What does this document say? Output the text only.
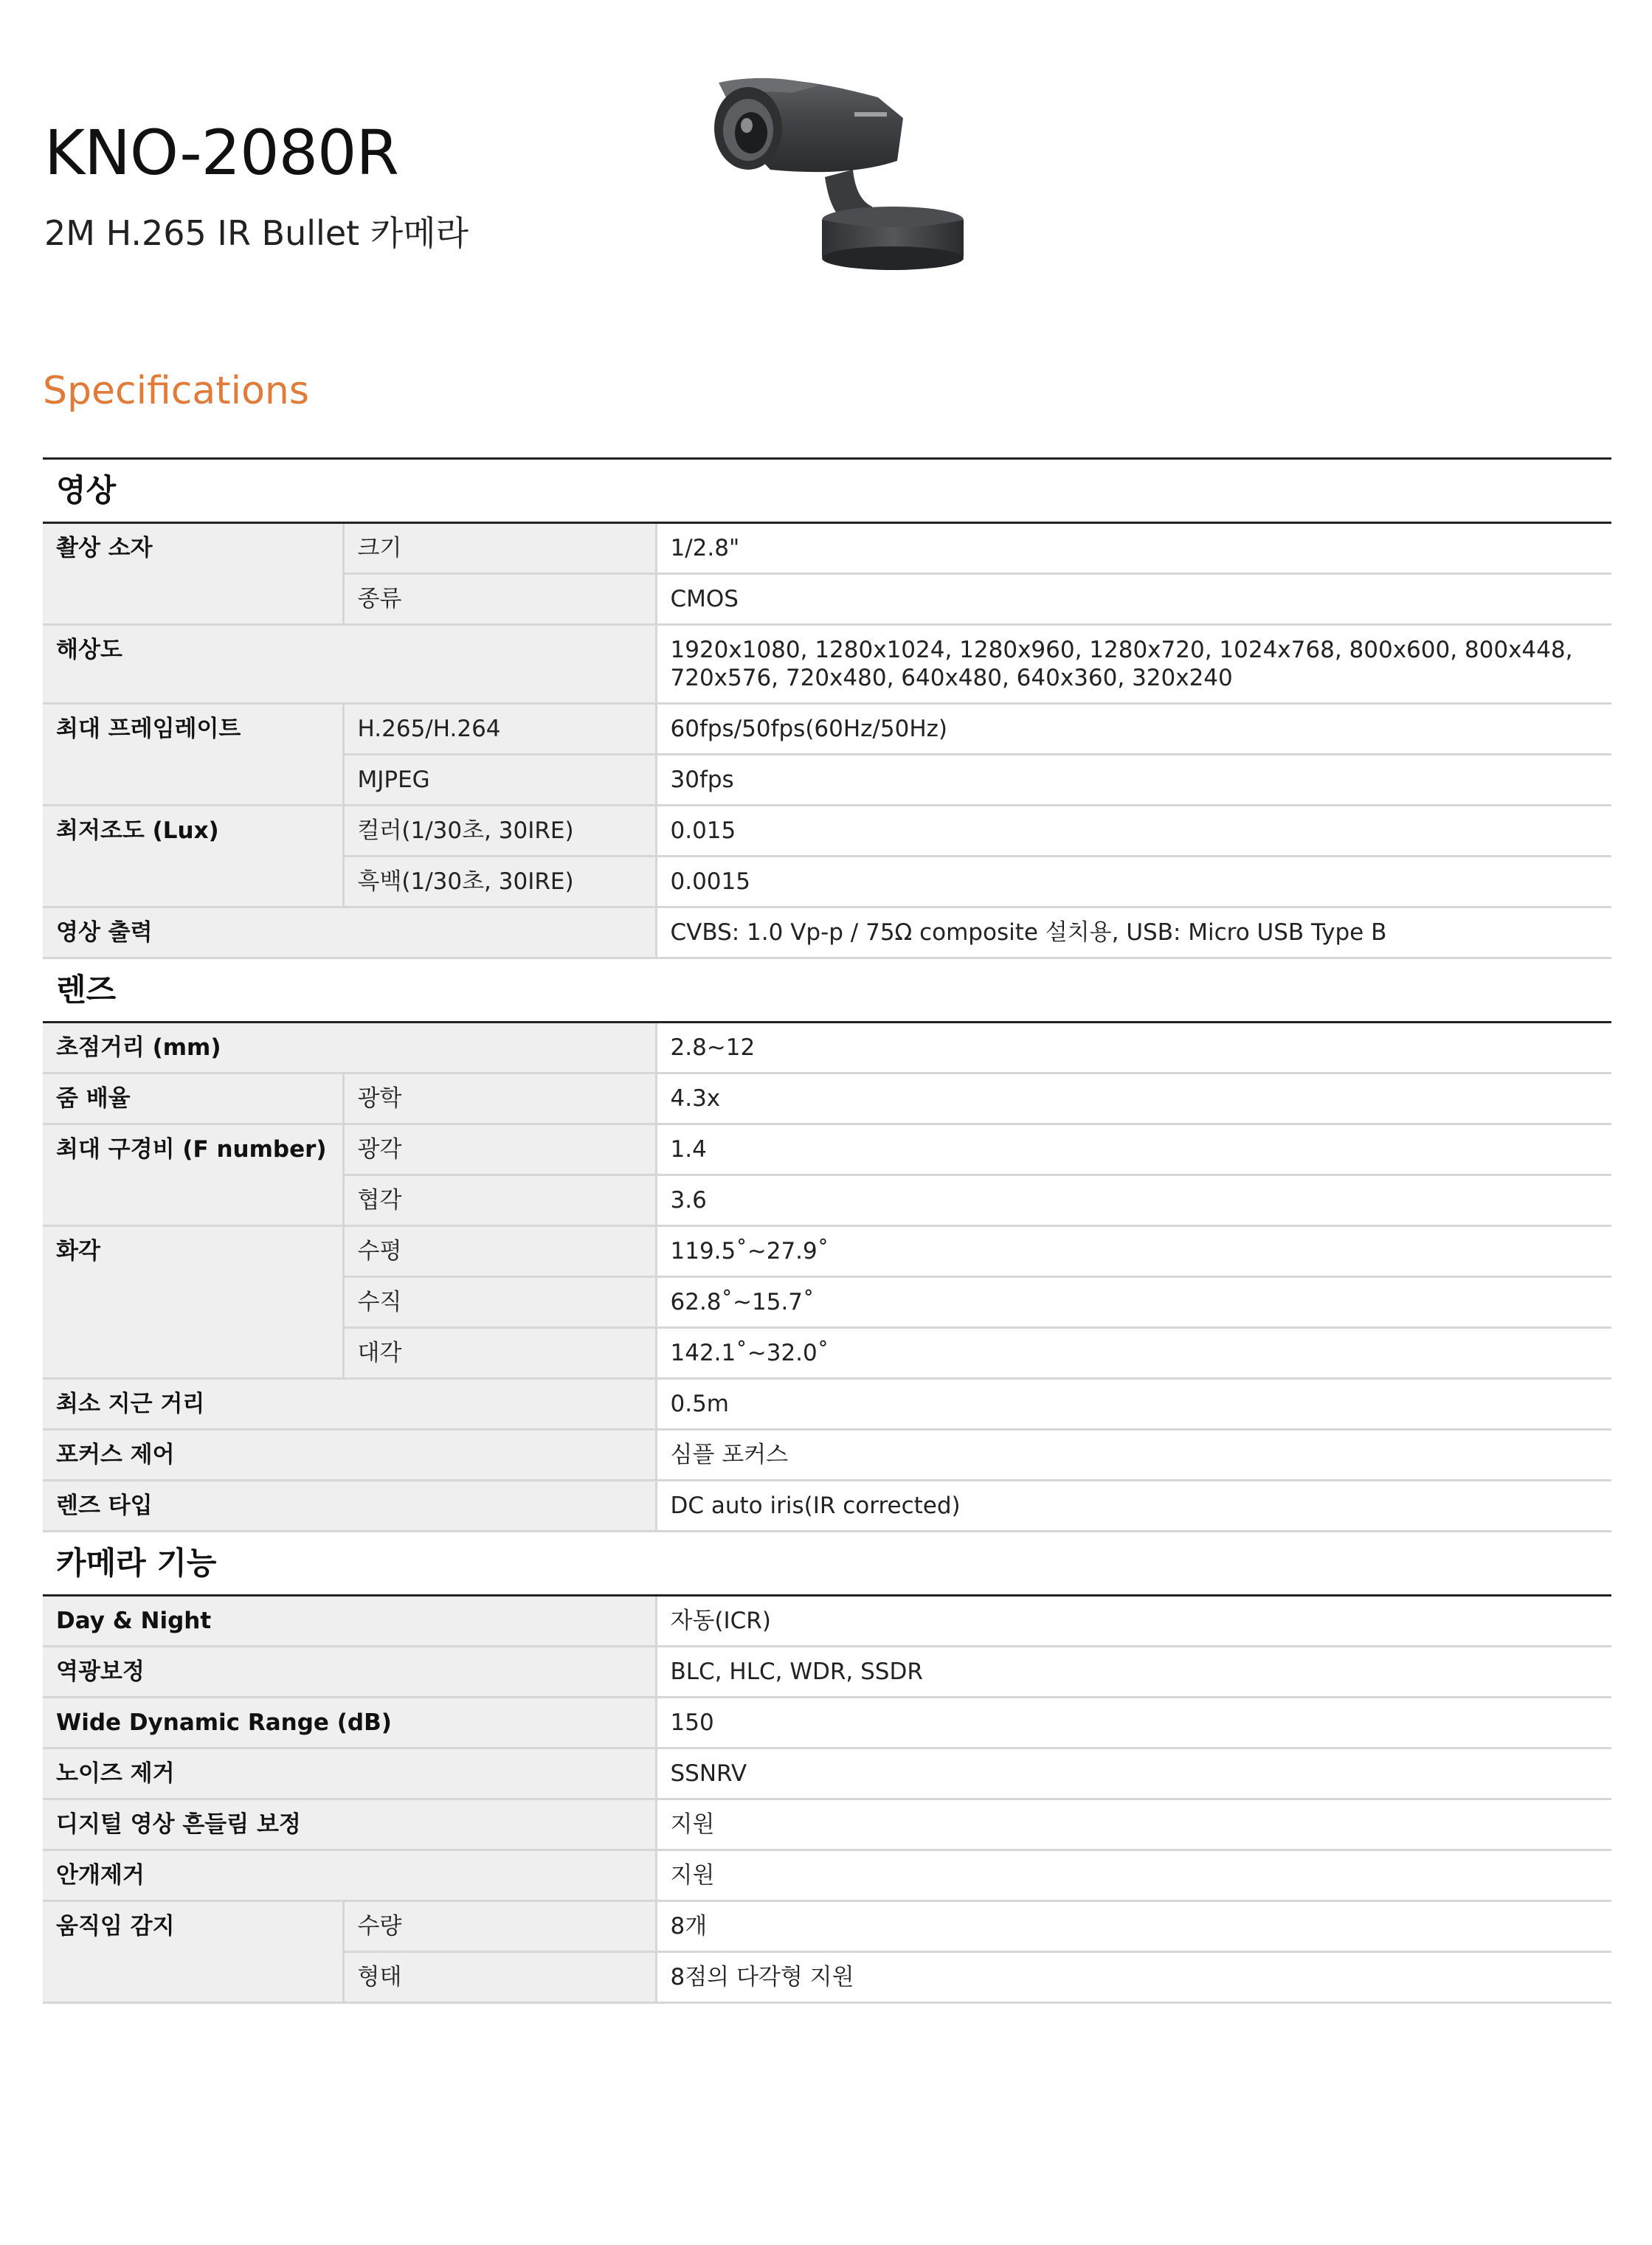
KNO-2080R
2M H.265 IR Bullet 카메라
Specifications
영상		
촬상 소자	크기	1/2.8"
	종류	CMOS
해상도		1920x1080, 1280x1024, 1280x960, 1280x720, 1024x768, 800x600, 800x448, 720x576, 720x480, 640x480, 640x360, 320x240
최대 프레임레이트	H.265/H.264	60fps/50fps(60Hz/50Hz)
	MJPEG	30fps
최저조도 (Lux)	컬러(1/30초, 30IRE)	0.015
	흑백(1/30초, 30IRE)	0.0015
영상 출력		CVBS: 1.0 Vp-p / 75Ω composite 설치용, USB: Micro USB Type B
렌즈		
초점거리 (mm)		2.8~12
줌 배율	광학	4.3x
최대 구경비 (F number)	광각	1.4
	협각	3.6
화각	수평	119.5˚~27.9˚
	수직	62.8˚~15.7˚
	대각	142.1˚~32.0˚
최소 지근 거리		0.5m
포커스 제어		심플 포커스
렌즈 타입		DC auto iris(IR corrected)
카메라 기능		
Day & Night		자동(ICR)
역광보정		BLC, HLC, WDR, SSDR
Wide Dynamic Range (dB)		150
노이즈 제거		SSNRV
디지털 영상 흔들림 보정		지원
안개제거		지원
움직임 감지	수량	8개
	형태	8점의 다각형 지원
